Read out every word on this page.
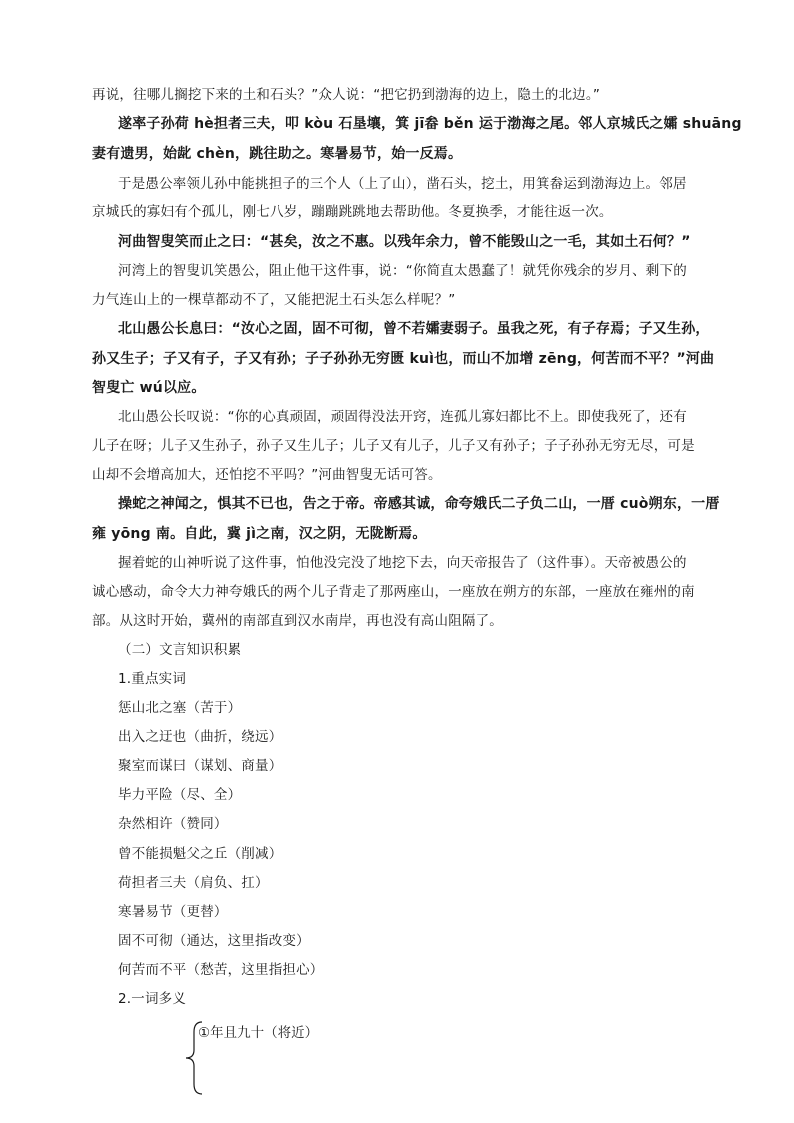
再说，往哪儿搁挖下来的土和石头？”众人说：“把它扔到渤海的边上，隐土的北边。”
遂率子孙荷 hè担者三夫，叩 kòu 石垦壤，箕 jī畚 běn 运于渤海之尾。邻人京城氏之孀 shuāng
妻有遗男，始龀 chèn，跳往助之。寒暑易节，始一反焉。
于是愚公率领儿孙中能挑担子的三个人（上了山），凿石头，挖土，用箕畚运到渤海边上。邻居
京城氏的寡妇有个孤儿，刚七八岁，蹦蹦跳跳地去帮助他。冬夏换季，才能往返一次。
河曲智叟笑而止之曰：“甚矣，汝之不惠。以残年余力，曾不能毁山之一毛，其如土石何？”
河湾上的智叟讥笑愚公，阻止他干这件事，说：“你简直太愚蠢了！就凭你残余的岁月、剩下的
力气连山上的一棵草都动不了，又能把泥土石头怎么样呢？”
北山愚公长息曰：“汝心之固，固不可彻，曾不若孀妻弱子。虽我之死，有子存焉；子又生孙，
孙又生子；子又有子，子又有孙；子子孙孙无穷匮 kuì也，而山不加增 zēng，何苦而不平？”河曲
智叟亡 wú以应。
北山愚公长叹说：“你的心真顽固，顽固得没法开窍，连孤儿寡妇都比不上。即使我死了，还有
儿子在呀；儿子又生孙子，孙子又生儿子；儿子又有儿子，儿子又有孙子；子子孙孙无穷无尽，可是
山却不会增高加大，还怕挖不平吗？”河曲智叟无话可答。
操蛇之神闻之，惧其不已也，告之于帝。帝感其诚，命夸娥氏二子负二山，一厝 cuò朔东，一厝
雍 yōng 南。自此，冀 jì之南，汉之阴，无陇断焉。
握着蛇的山神听说了这件事，怕他没完没了地挖下去，向天帝报告了（这件事）。天帝被愚公的
诚心感动，命令大力神夸娥氏的两个儿子背走了那两座山，一座放在朔方的东部，一座放在雍州的南
部。从这时开始，冀州的南部直到汉水南岸，再也没有高山阻隔了。
（二）文言知识积累
1.重点实词
惩山北之塞（苦于）
出入之迂也（曲折，绕远）
聚室而谋曰（谋划、商量）
毕力平险（尽、全）
杂然相许（赞同）
曾不能损魁父之丘（削减）
荷担者三夫（肩负、扛）
寒暑易节（更替）
固不可彻（通达，这里指改变）
何苦而不平（愁苦，这里指担心）
2.一词多义
①年且九十（将近）
